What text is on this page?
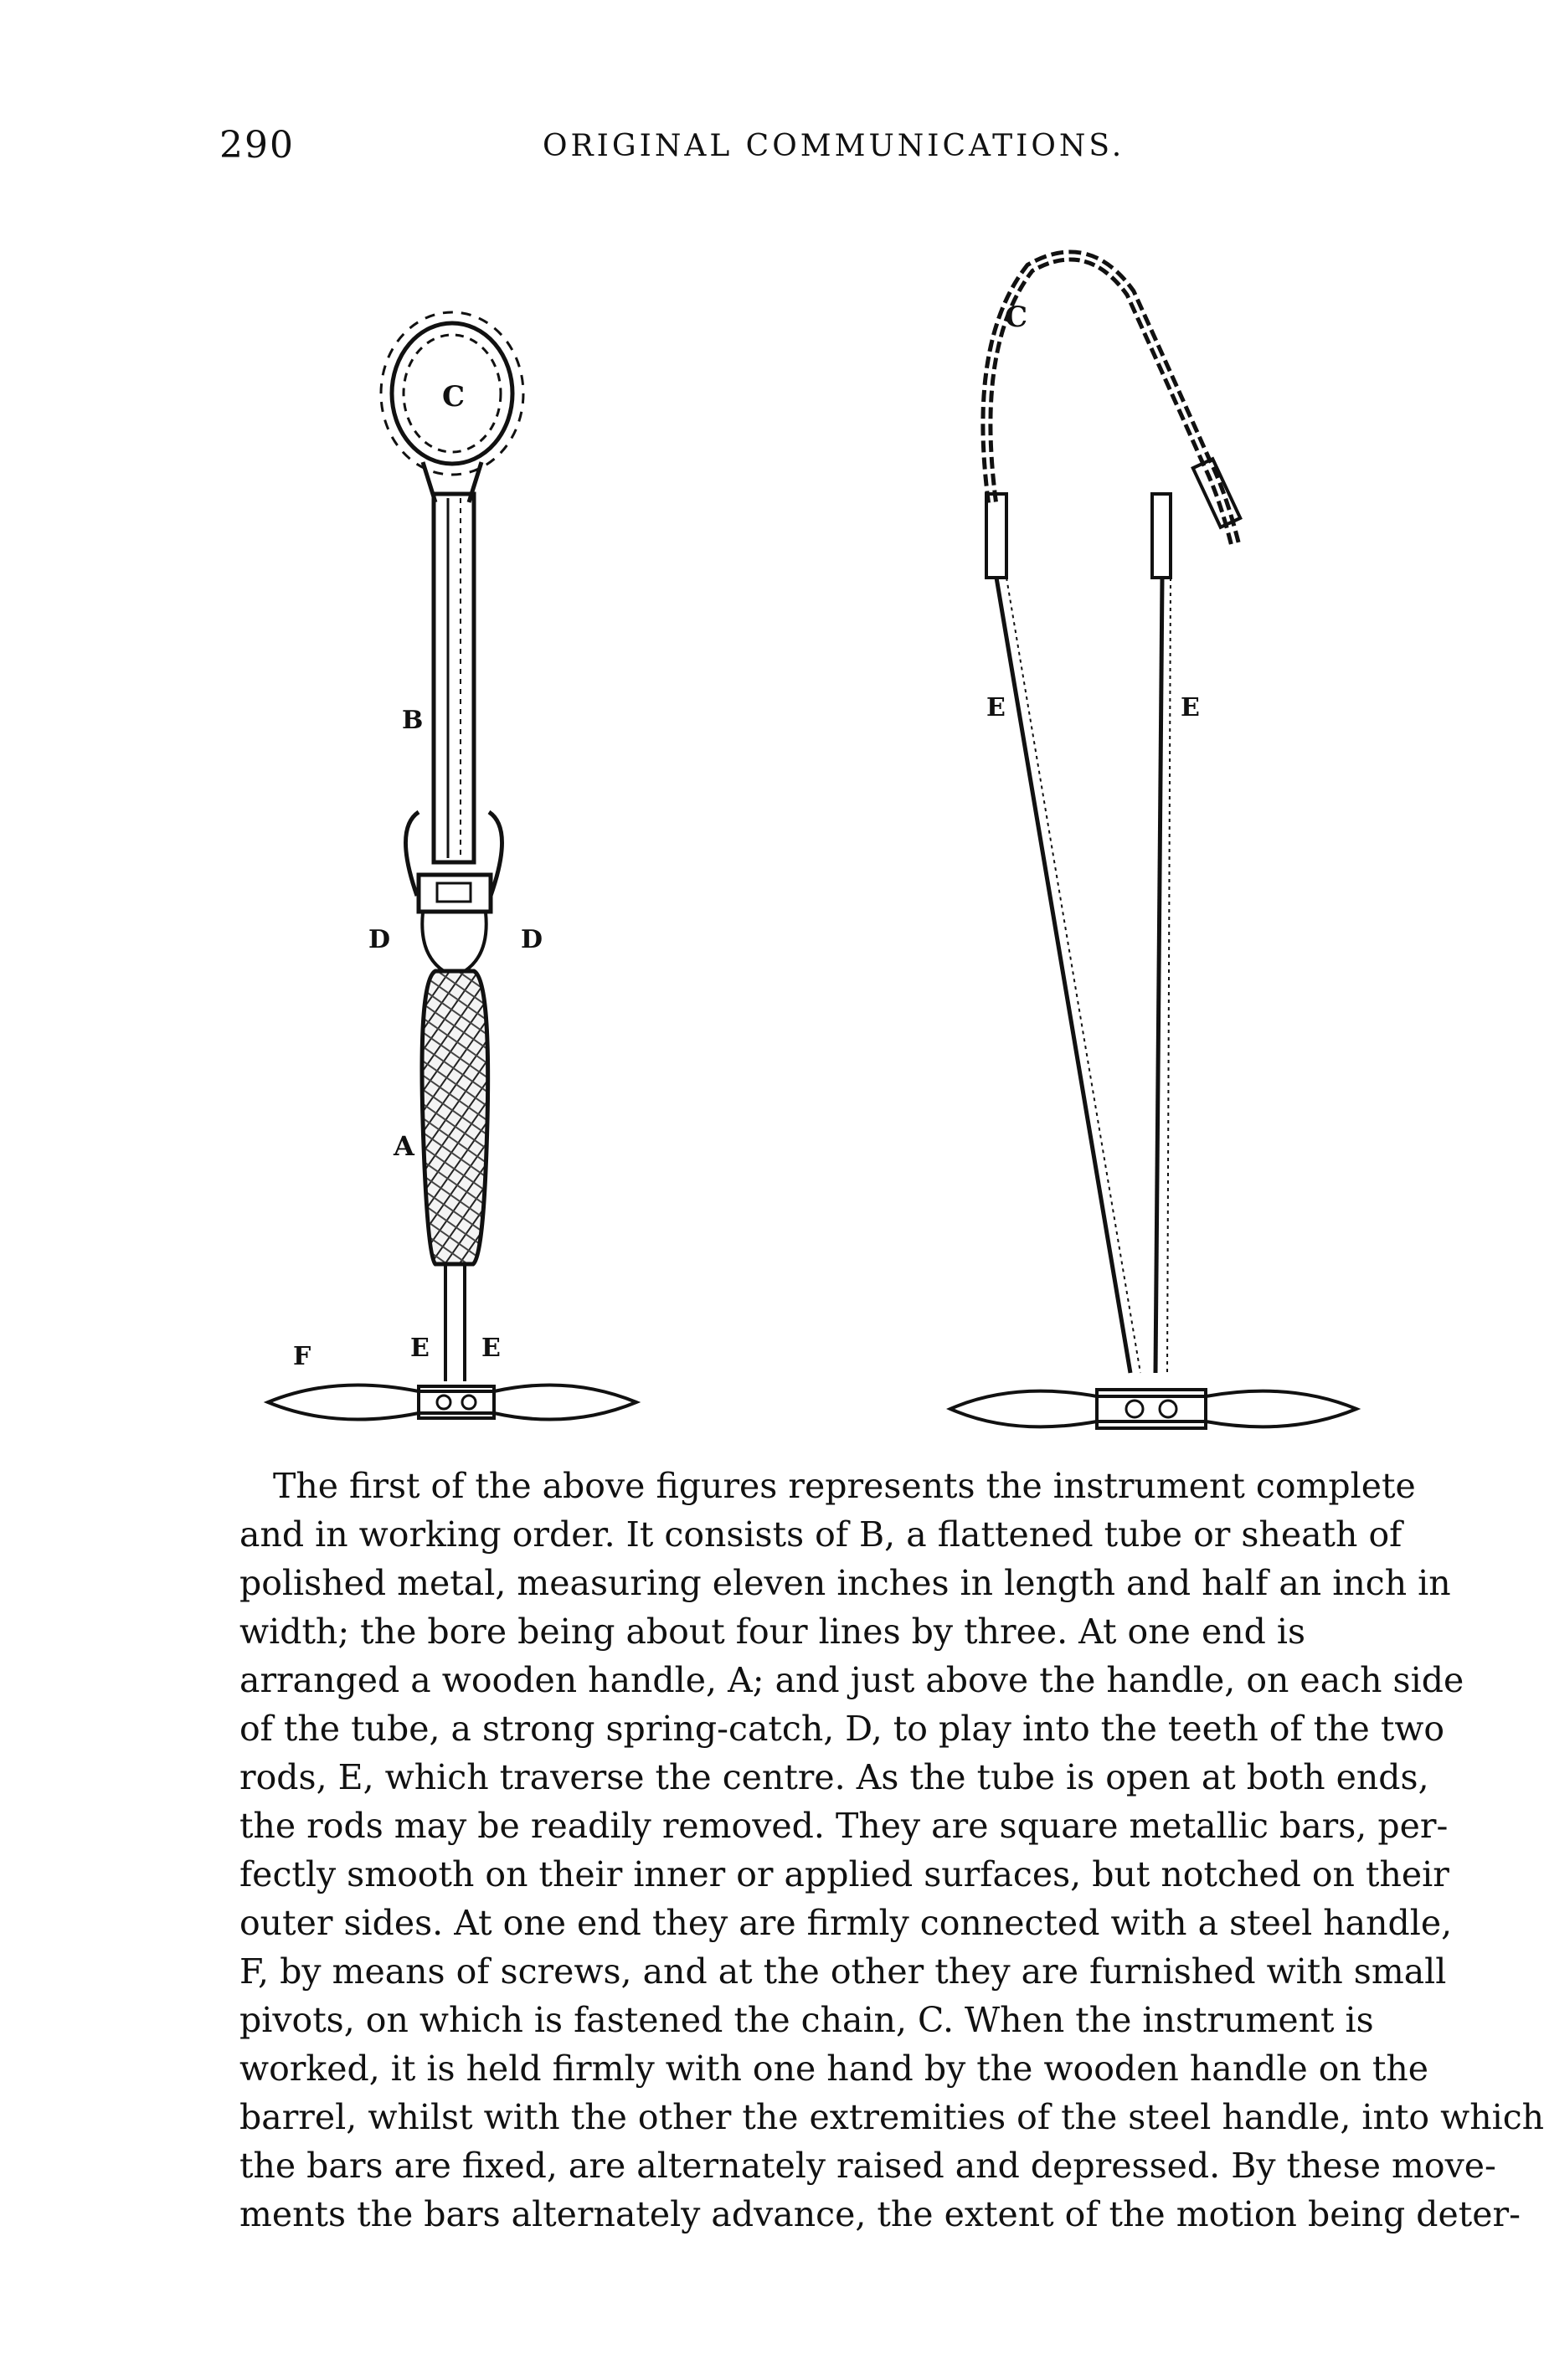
290	ORIGINAL COMMUNICATIONS.
C
B
D	D
A
F	E E
C
E	E
The first of the above figures represents the instrument complete
and in working order. It consists of B, a flattened tube or sheath of
polished metal, measuring eleven inches in length and half an inch in
width; the bore being about four lines by three. At one end is
arranged a wooden handle, A; and just above the handle, on each side
of the tube, a strong spring-catch, D, to play into the teeth of the two
rods, E, which traverse the centre. As the tube is open at both ends,
the rods may be readily removed. They are square metallic bars, per-
fectly smooth on their inner or applied surfaces, but notched on their
outer sides. At one end they are firmly connected with a steel handle,
F, by means of screws, and at the other they are furnished with small
pivots, on which is fastened the chain, C. When the instrument is
worked, it is held firmly with one hand by the wooden handle on the
barrel, whilst with the other the extremities of the steel handle, into which
the bars are fixed, are alternately raised and depressed. By these move-
ments the bars alternately advance, the extent of the motion being deter-
